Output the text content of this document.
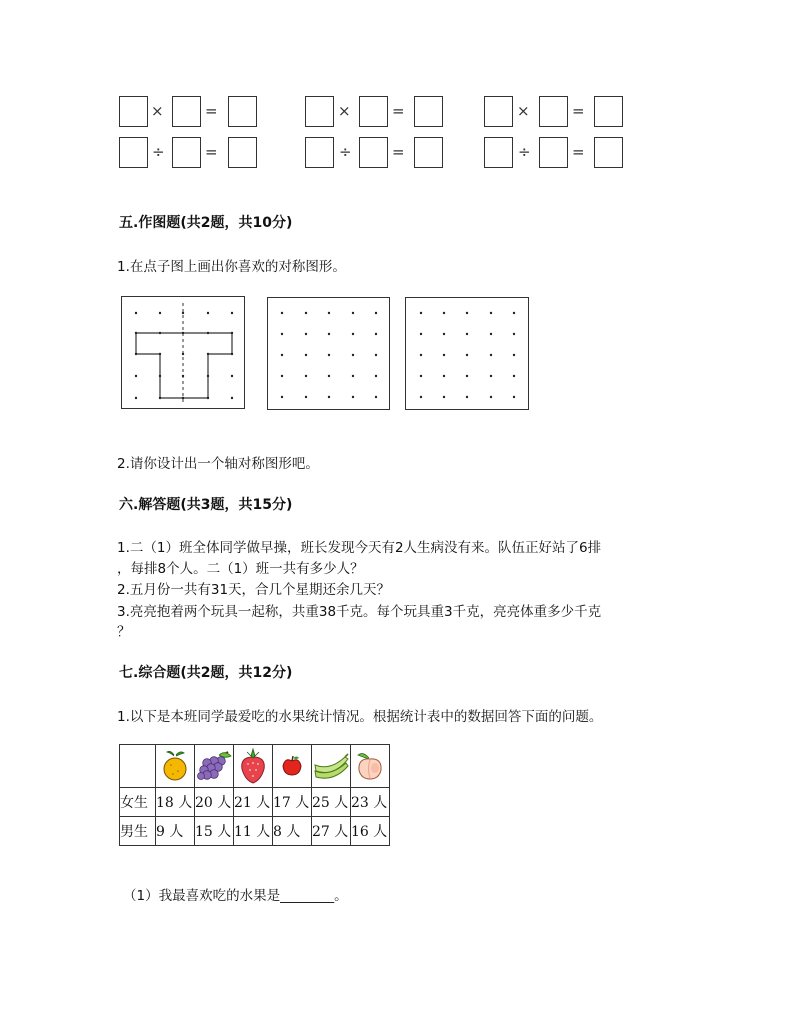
×	=	×	=	×	=
÷	=	÷	=	÷	=
五.作图题(共2题，共10分)
1.在点子图上画出你喜欢的对称图形。
2.请你设计出一个轴对称图形吧。
六.解答题(共3题，共15分)
1.二（1）班全体同学做早操，班长发现今天有2人生病没有来。队伍正好站了6排
，每排8个人。二（1）班一共有多少人？
2.五月份一共有31天，合几个星期还余几天？
3.亮亮抱着两个玩具一起称，共重38千克。每个玩具重3千克，亮亮体重多少千克
？
七.综合题(共2题，共12分)
1.以下是本班同学最爱吃的水果统计情况。根据统计表中的数据回答下面的问题。

女生	18 人	20 人	21 人	17 人	25 人	23 人
男生	9 人	15 人	11 人	8 人	27 人	16 人
（1）我最喜欢吃的水果是________。
